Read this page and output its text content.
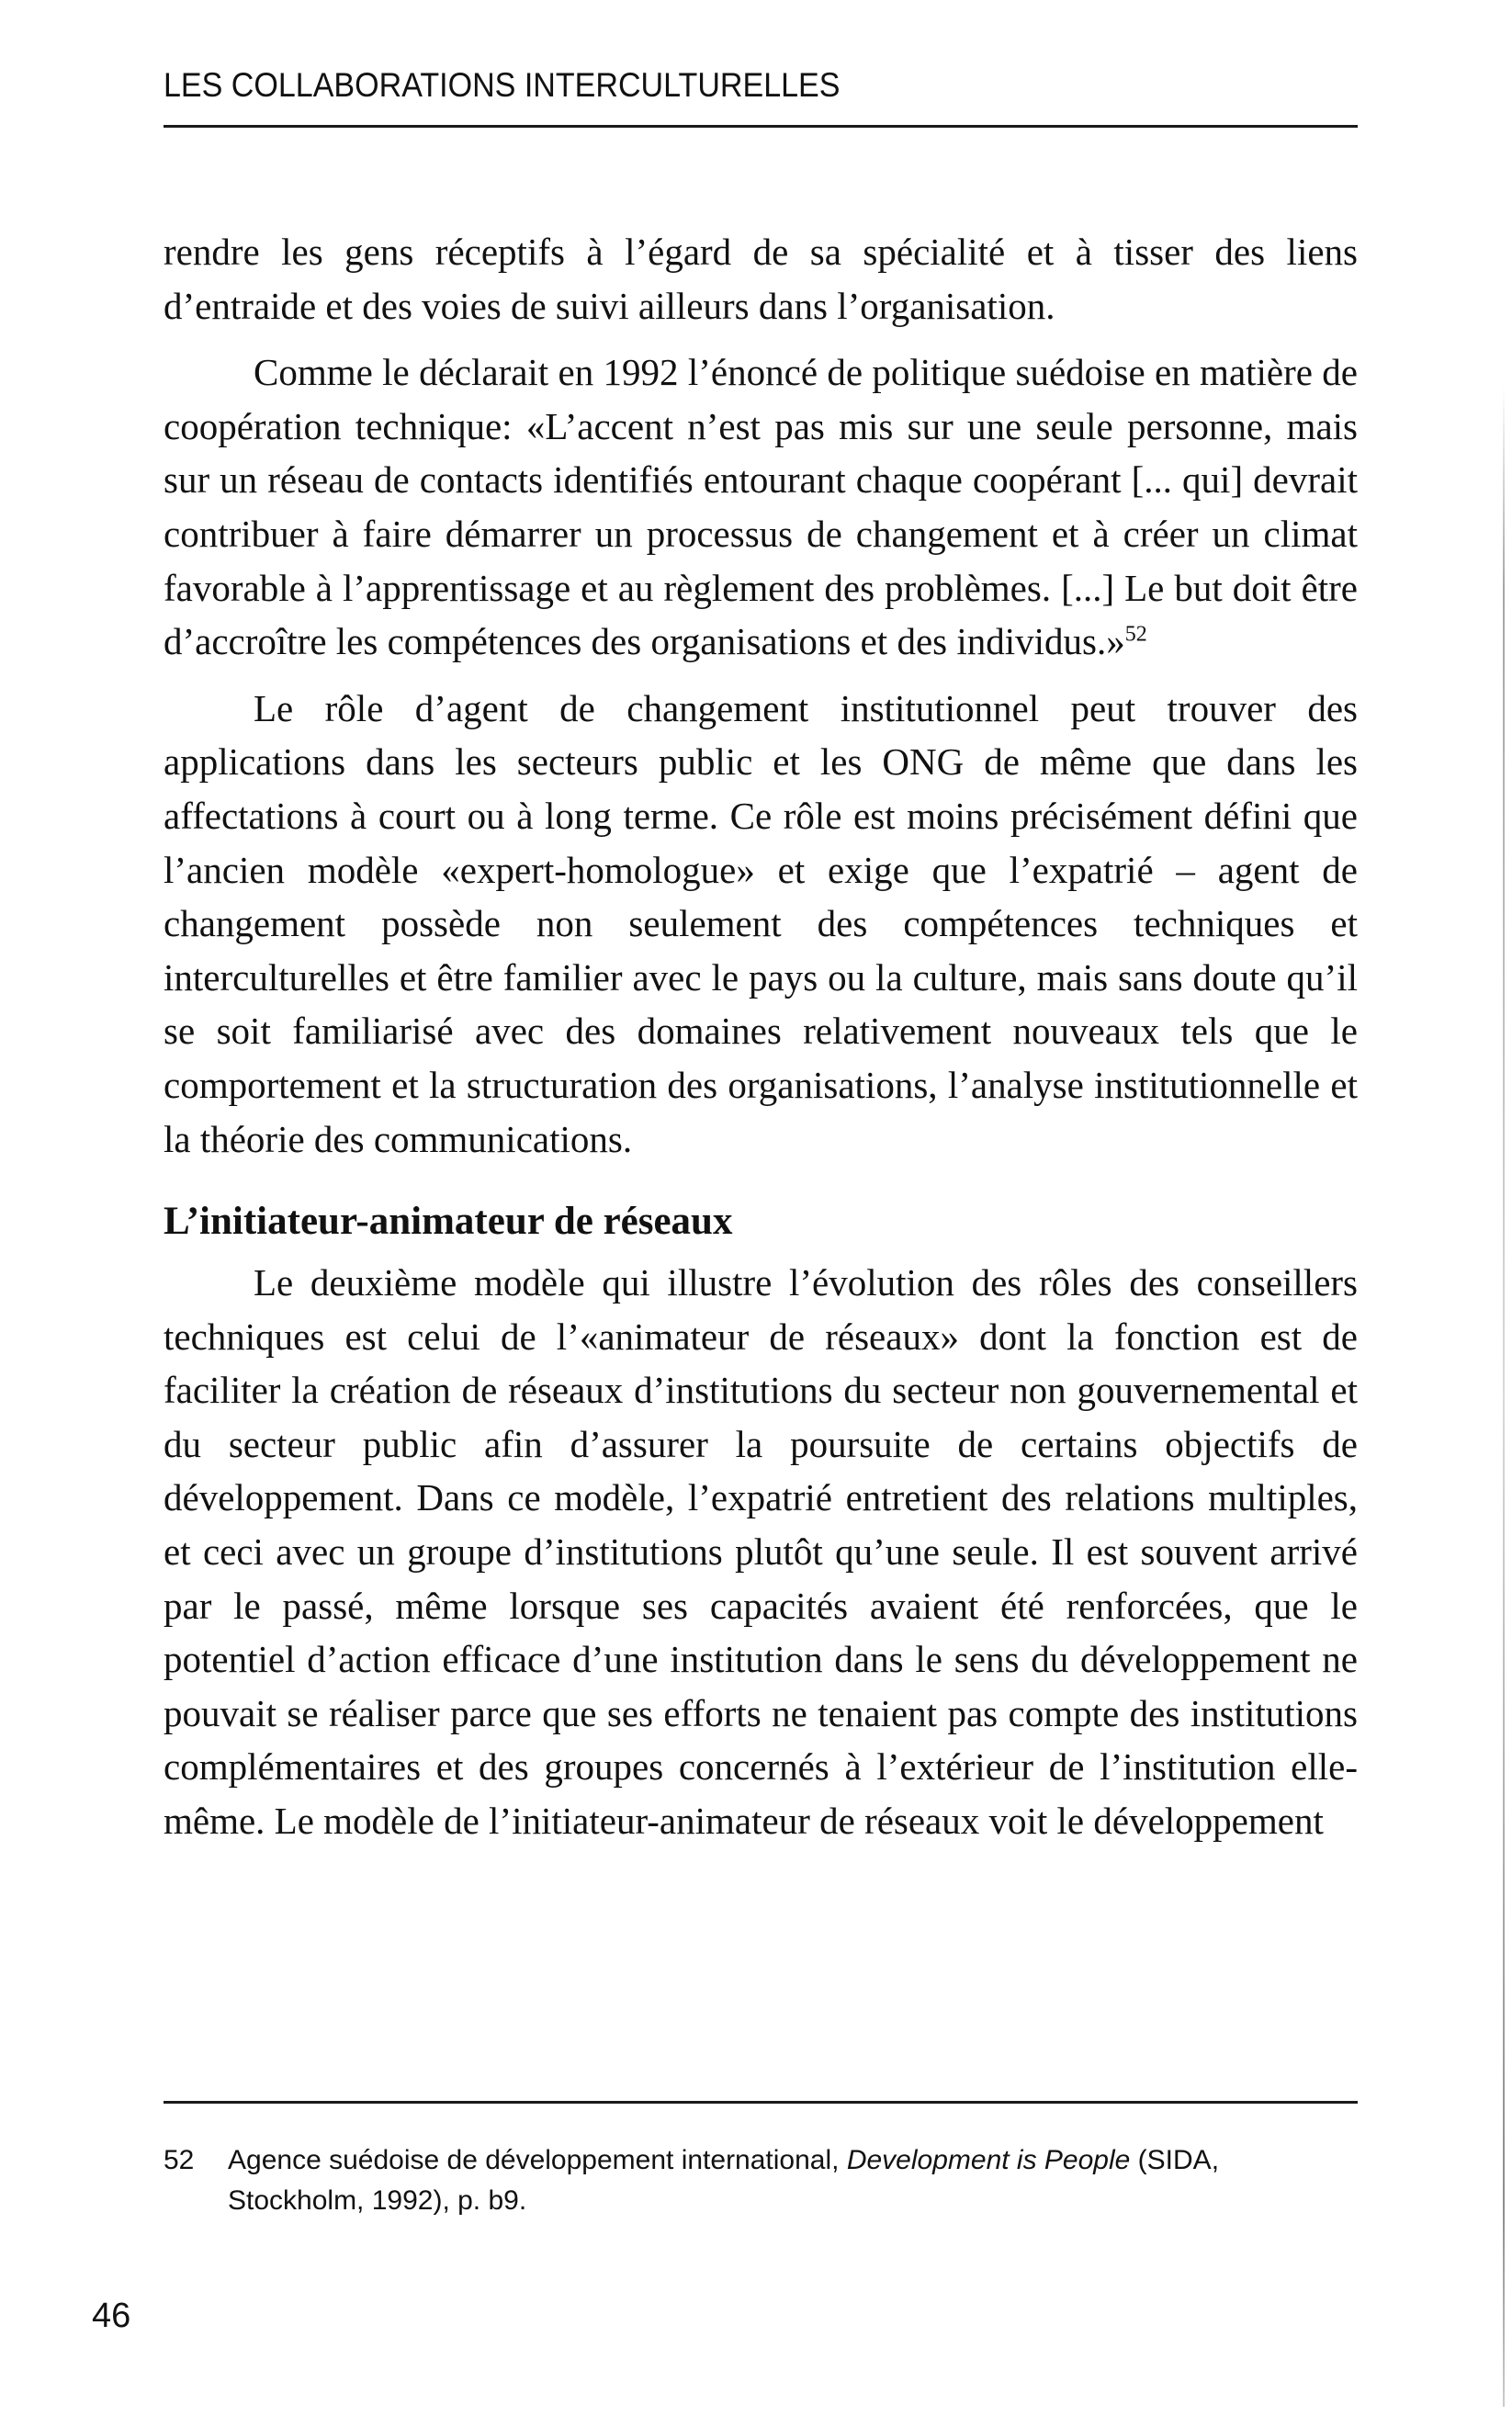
LES COLLABORATIONS INTERCULTURELLES

rendre les gens réceptifs à l’égard de sa spécialité et à tisser des liens d’entraide et des voies de suivi ailleurs dans l’organisation.

Comme le déclarait en 1992 l’énoncé de politique suédoise en matière de coopération technique: «L’accent n’est pas mis sur une seule personne, mais sur un réseau de contacts identifiés entourant chaque coopérant [... qui] devrait contribuer à faire démarrer un processus de changement et à créer un climat favorable à l’apprentissage et au règlement des problèmes. [...] Le but doit être d’accroître les compétences des organisations et des individus.»$^{52}$

Le rôle d’agent de changement institutionnel peut trouver des applications dans les secteurs public et les ONG de même que dans les affectations à court ou à long terme. Ce rôle est moins précisément défini que l’ancien modèle «expert-homologue» et exige que l’expatrié – agent de changement possède non seulement des compétences techniques et interculturelles et être familier avec le pays ou la culture, mais sans doute qu’il se soit familiarisé avec des domaines relativement nouveaux tels que le comportement et la structuration des organisations, l’analyse institutionnelle et la théorie des communications.

L’initiateur-animateur de réseaux

Le deuxième modèle qui illustre l’évolution des rôles des conseillers techniques est celui de l’«animateur de réseaux» dont la fonction est de faciliter la création de réseaux d’institutions du secteur non gouvernemental et du secteur public afin d’assurer la poursuite de certains objectifs de développement. Dans ce modèle, l’expatrié entretient des relations multiples, et ceci avec un groupe d’institutions plutôt qu’une seule. Il est souvent arrivé par le passé, même lorsque ses capacités avaient été renforcées, que le potentiel d’action efficace d’une institution dans le sens du développement ne pouvait se réaliser parce que ses efforts ne tenaient pas compte des institutions complémentaires et des groupes concernés à l’extérieur de l’institution elle-même. Le modèle de l’initiateur-animateur de réseaux voit le développement

52 Agence suédoise de développement international, Development is People (SIDA, Stockholm, 1992), p. b9.
46
